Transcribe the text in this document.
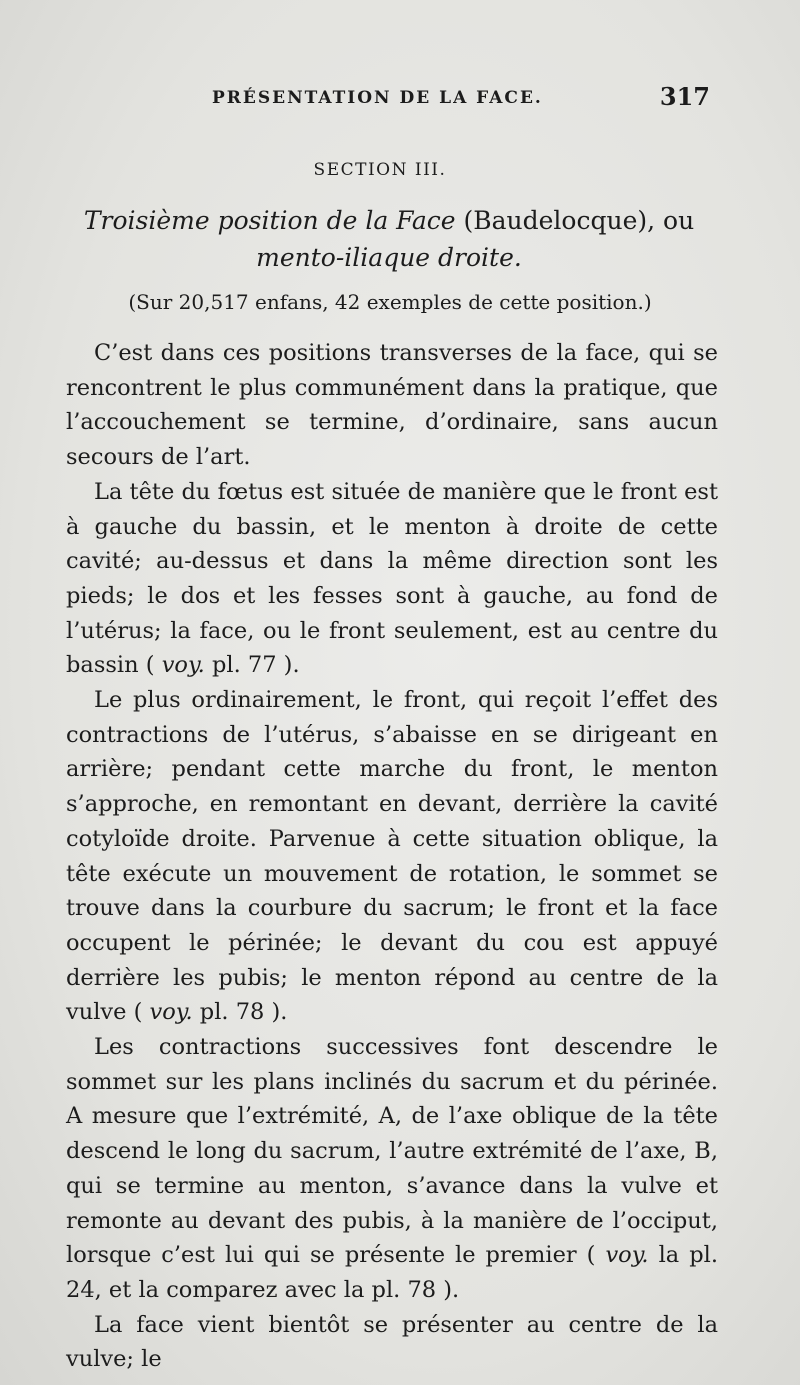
PRÉSENTATION DE LA FACE.	317
SECTION III.
Troisième position de la Face (Baudelocque), ou mento-iliaque droite.
(Sur 20,517 enfans, 42 exemples de cette position.)

C’est dans ces positions transverses de la face, qui se rencontrent le plus communément dans la pratique, que l’accouchement se termine, d’ordinaire, sans aucun secours de l’art.

La tête du fœtus est située de manière que le front est à gauche du bassin, et le menton à droite de cette cavité; au-dessus et dans la même direction sont les pieds; le dos et les fesses sont à gauche, au fond de l’utérus; la face, ou le front seulement, est au centre du bassin ( voy. pl. 77 ).

Le plus ordinairement, le front, qui reçoit l’effet des contractions de l’utérus, s’abaisse en se dirigeant en arrière; pendant cette marche du front, le menton s’approche, en remontant en devant, derrière la cavité cotyloïde droite. Parvenue à cette situation oblique, la tête exécute un mouvement de rotation, le sommet se trouve dans la courbure du sacrum; le front et la face occupent le périnée; le devant du cou est appuyé derrière les pubis; le menton répond au centre de la vulve ( voy. pl. 78 ).

Les contractions successives font descendre le sommet sur les plans inclinés du sacrum et du périnée. A mesure que l’extrémité, A, de l’axe oblique de la tête descend le long du sacrum, l’autre extrémité de l’axe, B, qui se termine au menton, s’avance dans la vulve et remonte au devant des pubis, à la manière de l’occiput, lorsque c’est lui qui se présente le premier ( voy. la pl. 24, et la comparez avec la pl. 78 ).

La face vient bientôt se présenter au centre de la vulve; le
